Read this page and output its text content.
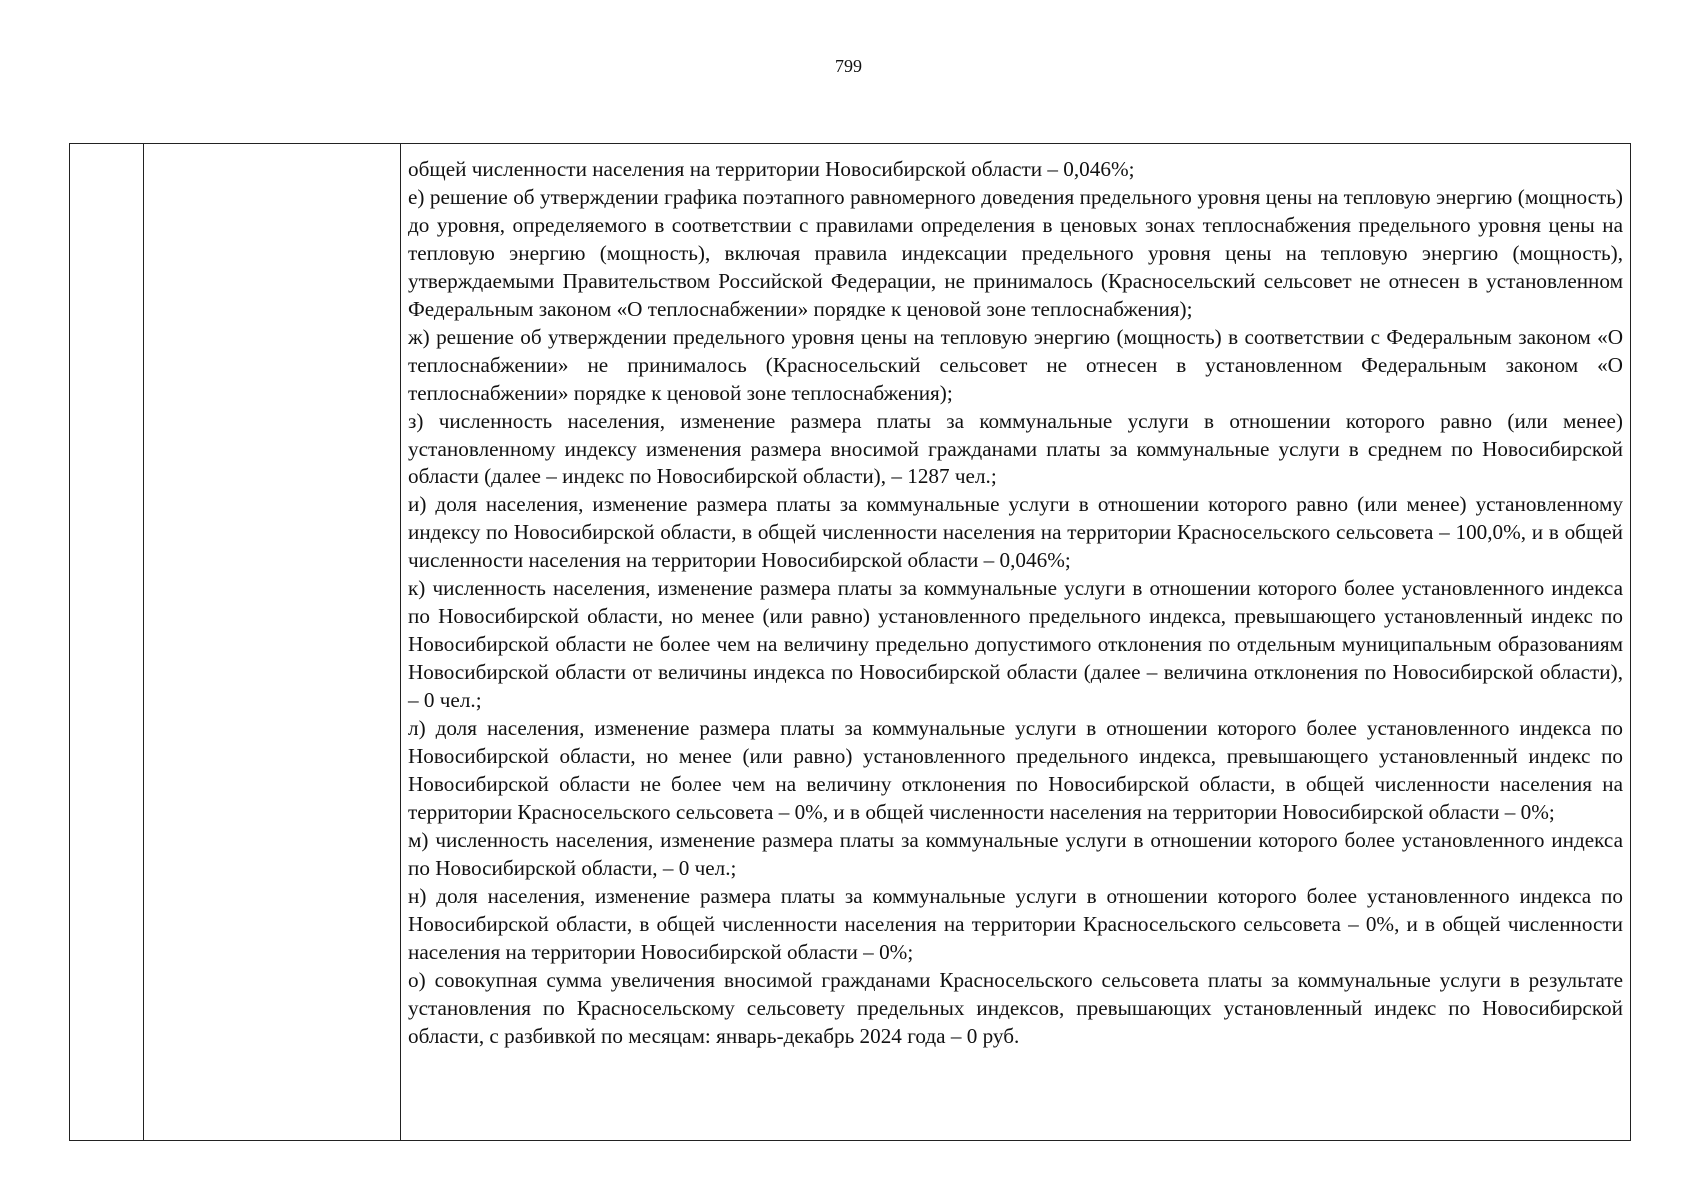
799

общей численности населения на территории Новосибирской области – 0,046%;

е) решение об утверждении графика поэтапного равномерного доведения предельного уровня цены на тепловую энергию (мощность) до уровня, определяемого в соответствии с правилами определения в ценовых зонах теплоснабжения предельного уровня цены на тепловую энергию (мощность), включая правила индексации предельного уровня цены на тепловую энергию (мощность), утверждаемыми Правительством Российской Федерации, не принималось (Красносельский сельсовет не отнесен в установленном Федеральным законом «О теплоснабжении» порядке к ценовой зоне теплоснабжения);

ж) решение об утверждении предельного уровня цены на тепловую энергию (мощность) в соответствии с Федеральным законом «О теплоснабжении» не принималось (Красносельский сельсовет не отнесен в установленном Федеральным законом «О теплоснабжении» порядке к ценовой зоне теплоснабжения);

з) численность населения, изменение размера платы за коммунальные услуги в отношении которого равно (или менее) установленному индексу изменения размера вносимой гражданами платы за коммунальные услуги в среднем по Новосибирской области (далее – индекс по Новосибирской области), – 1287 чел.;

и) доля населения, изменение размера платы за коммунальные услуги в отношении которого равно (или менее) установленному индексу по Новосибирской области, в общей численности населения на территории Красносельского сельсовета – 100,0%, и в общей численности населения на территории Новосибирской области – 0,046%;

к) численность населения, изменение размера платы за коммунальные услуги в отношении которого более установленного индекса по Новосибирской области, но менее (или равно) установленного предельного индекса, превышающего установленный индекс по Новосибирской области не более чем на величину предельно допустимого отклонения по отдельным муниципальным образованиям Новосибирской области от величины индекса по Новосибирской области (далее – величина отклонения по Новосибирской области), – 0 чел.;

л) доля населения, изменение размера платы за коммунальные услуги в отношении которого более установленного индекса по Новосибирской области, но менее (или равно) установленного предельного индекса, превышающего установленный индекс по Новосибирской области не более чем на величину отклонения по Новосибирской области, в общей численности населения на территории Красносельского сельсовета – 0%, и в общей численности населения на территории Новосибирской области – 0%;

м) численность населения, изменение размера платы за коммунальные услуги в отношении которого более установленного индекса по Новосибирской области, – 0 чел.;

н) доля населения, изменение размера платы за коммунальные услуги в отношении которого более установленного индекса по Новосибирской области, в общей численности населения на территории Красносельского сельсовета – 0%, и в общей численности населения на территории Новосибирской области – 0%;

о) совокупная сумма увеличения вносимой гражданами Красносельского сельсовета платы за коммунальные услуги в результате установления по Красносельскому сельсовету предельных индексов, превышающих установленный индекс по Новосибирской области, с разбивкой по месяцам: январь-декабрь 2024 года – 0 руб.
